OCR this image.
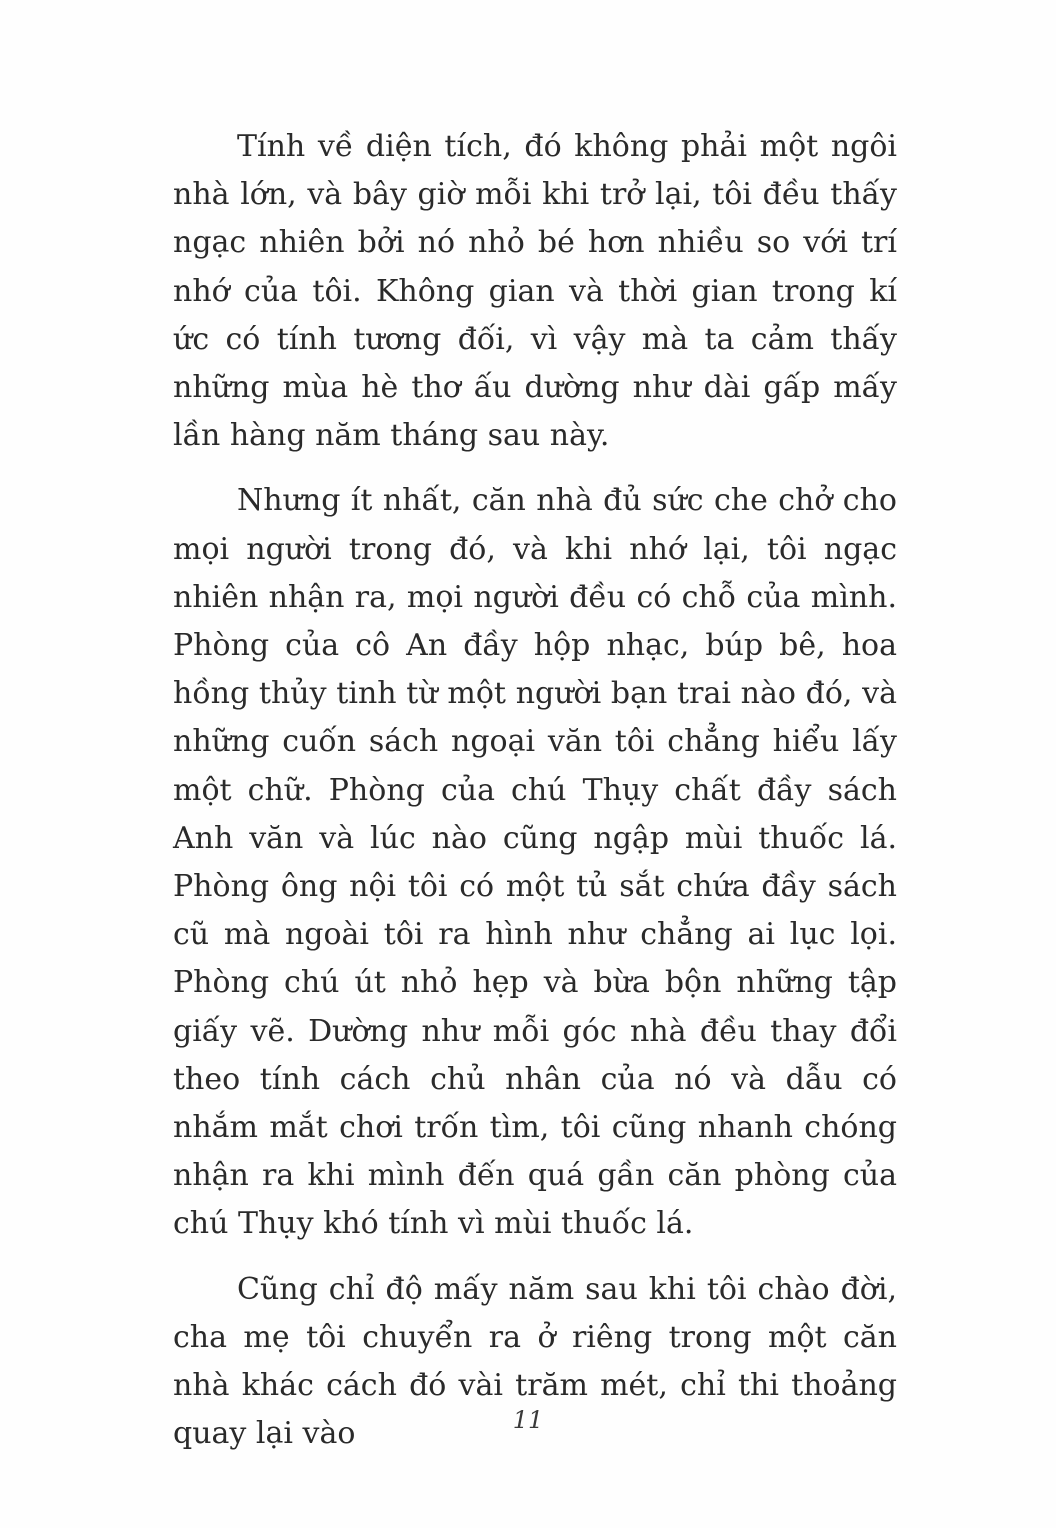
Tính về diện tích, đó không phải một ngôi nhà lớn, và bây giờ mỗi khi trở lại, tôi đều thấy ngạc nhiên bởi nó nhỏ bé hơn nhiều so với trí nhớ của tôi. Không gian và thời gian trong kí ức có tính tương đối, vì vậy mà ta cảm thấy những mùa hè thơ ấu dường như dài gấp mấy lần hàng năm tháng sau này.

Nhưng ít nhất, căn nhà đủ sức che chở cho mọi người trong đó, và khi nhớ lại, tôi ngạc nhiên nhận ra, mọi người đều có chỗ của mình. Phòng của cô An đầy hộp nhạc, búp bê, hoa hồng thủy tinh từ một người bạn trai nào đó, và những cuốn sách ngoại văn tôi chẳng hiểu lấy một chữ. Phòng của chú Thụy chất đầy sách Anh văn và lúc nào cũng ngập mùi thuốc lá. Phòng ông nội tôi có một tủ sắt chứa đầy sách cũ mà ngoài tôi ra hình như chẳng ai lục lọi. Phòng chú út nhỏ hẹp và bừa bộn những tập giấy vẽ. Dường như mỗi góc nhà đều thay đổi theo tính cách chủ nhân của nó và dẫu có nhắm mắt chơi trốn tìm, tôi cũng nhanh chóng nhận ra khi mình đến quá gần căn phòng của chú Thụy khó tính vì mùi thuốc lá.

Cũng chỉ độ mấy năm sau khi tôi chào đời, cha mẹ tôi chuyển ra ở riêng trong một căn nhà khác cách đó vài trăm mét, chỉ thi thoảng quay lại vào	11
